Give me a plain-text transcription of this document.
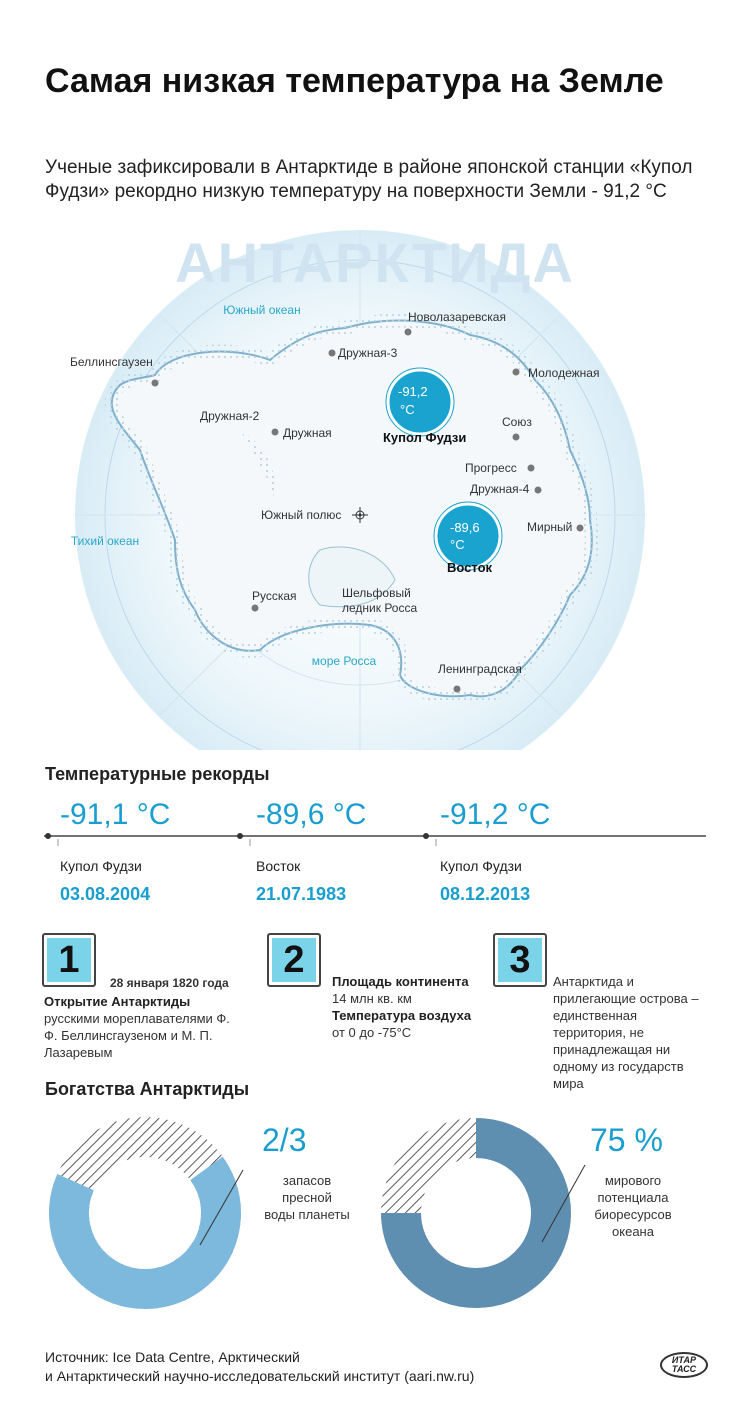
Самая низкая температура на Земле
Ученые зафиксировали в Антарктиде в районе японской станции «Купол Фудзи» рекордно низкую температуру на поверхности Земли - 91,2 °C
АНТАРКТИДА
Южный океан
Тихий океан
море Росса
Новолазаревская
Дружная-3
Молодежная
Беллинсгаузен
Дружная-2
Дружная
Союз
Прогресс
Дружная-4
Мирный
Русская
Ленинградская
Южный полюс
Шельфовый
ледник Росса
-91,2
°C
Купол Фудзи
-89,6
°C
Восток
Температурные рекорды
-91,1 °C
Купол Фудзи
03.08.2004
-89,6 °C
Восток
21.07.1983
-91,2 °C
Купол Фудзи
08.12.2013
1
28 января 1820 года
Открытие Антарктиды русскими мореплавателями Ф. Ф. Беллинсгаузеном и М. П. Лазаревым
2
Площадь континента
14 млн кв. км
Температура воздуха
от 0 до -75°C
3
Антарктида и прилегающие острова – единственная территория, не принадлежащая ни одному из государств мира
Богатства Антарктиды
2/3
запасов
пресной
воды планеты
75 %
мирового
потенциала
биоресурсов
океана
Источник: Ice Data Centre, Арктический
и Антарктический научно-исследовательский институт (aari.nw.ru)
ИТАР
ТАСС
